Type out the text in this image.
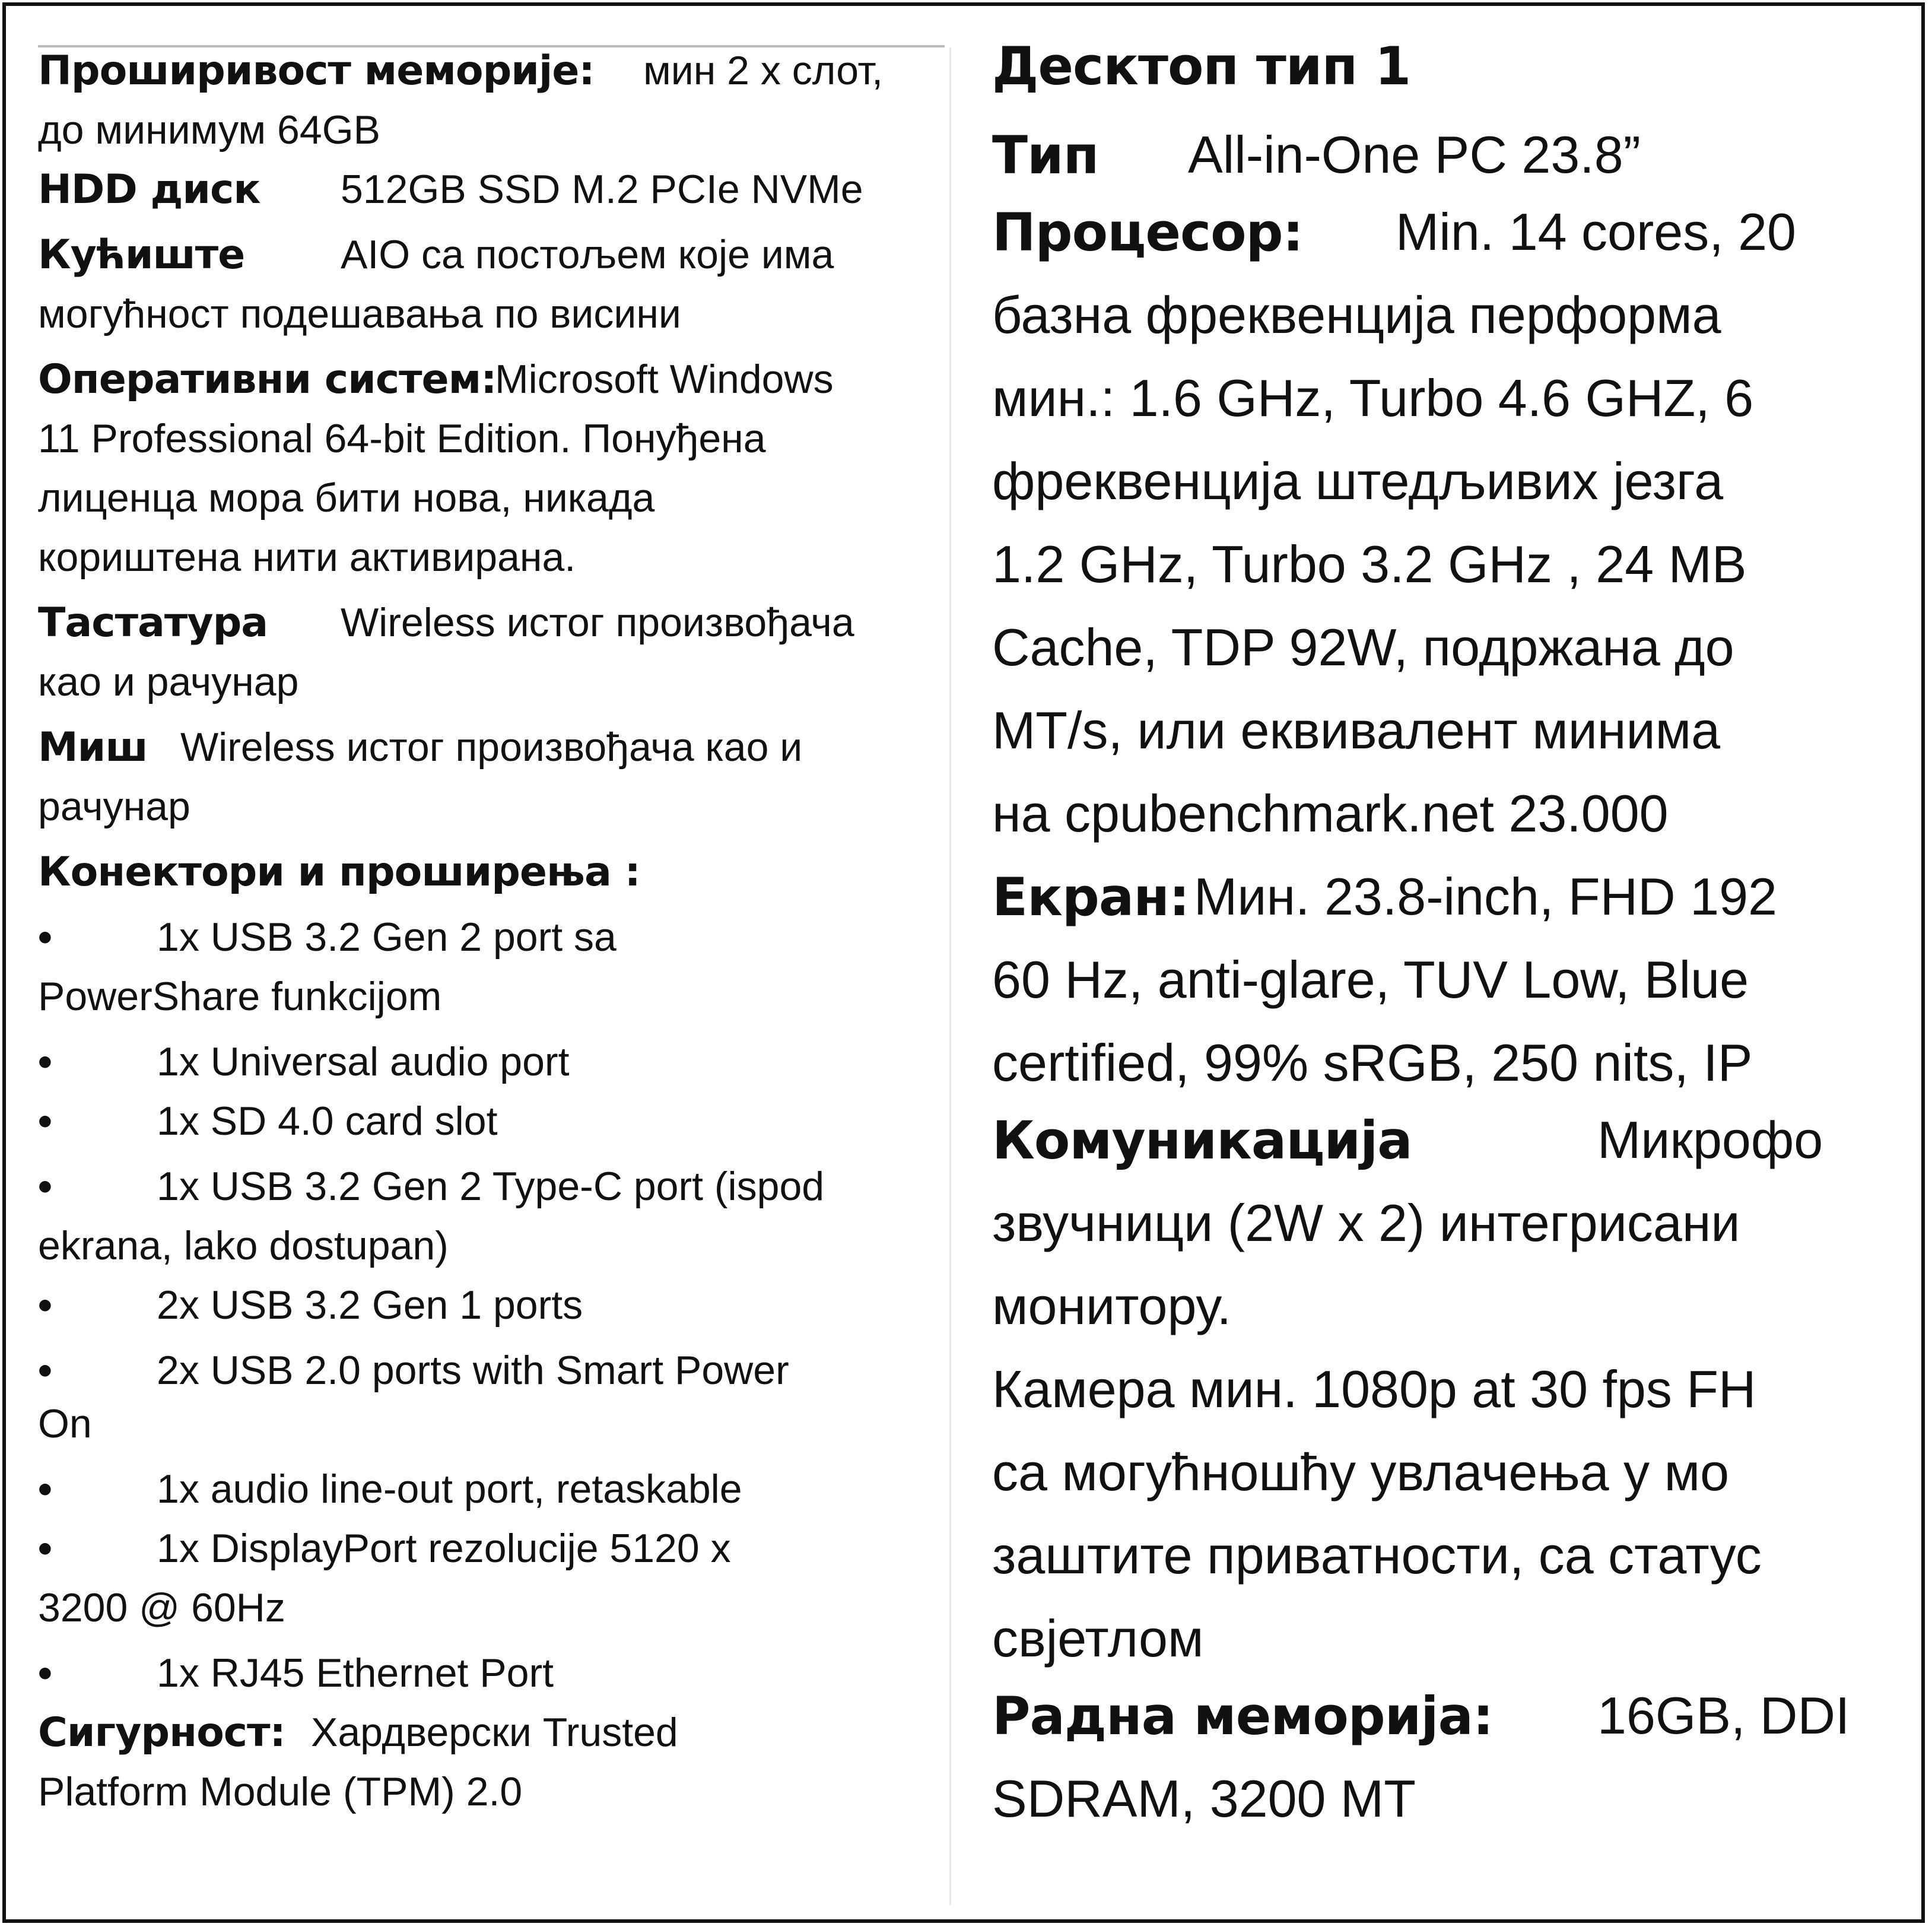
Проширивост меморије: мин 2 х слот,
до минимум 64GB
HDD диск 512GB SSD M.2 PCIe NVMe
Кућиште AIO са постољем које има
могућност подешавања по висини
Оперативни систем:
Microsoft Windows
11 Professional 64-bit Edition. Понуђена
лиценца мора бити нова, никада
кориштена нити активирана.
Тастатура Wireless истог произвођача
као и рачунар
Миш Wireless истог произвођача као и
рачунар
Конектори и проширења :
•	1x USB 3.2 Gen 2 port sa
PowerShare funkcijom
•	1x Universal audio port
•	1x SD 4.0 card slot
•	1x USB 3.2 Gen 2 Type-C port (ispod
ekrana, lako dostupan)
•	2x USB 3.2 Gen 1 ports
•	2x USB 2.0 ports with Smart Power
On
•	1x audio line-out port, retaskable
•	1x DisplayPort rezolucije 5120 x
3200 @ 60Hz
•	1x RJ45 Ethernet Port
Сигурност: Хардверски Trusted
Platform Module (TPM) 2.0
Десктоп тип 1
Тип All-in-One PC 23.8”
Процесор: Min. 14 cores, 20
базна фреквенција перформа
мин.: 1.6 GHz, Turbo 4.6 GHZ, 6
фреквенција штедљивих језга
1.2 GHz, Turbo 3.2 GHz , 24 MB
Cache, TDP 92W, подржана до
MT/s, или еквивалент минима
на cpubenchmark.net 23.000
Екран: Мин. 23.8-inch, FHD 192
60 Hz, anti-glare, TUV Low, Blue
certified, 99% sRGB, 250 nits, IP
Комуникација	Микрофо
звучници (2W x 2) интегрисани
монитору.
Камера мин. 1080p at 30 fps FH
са могућношћу увлачења у мо
заштите приватности, са статус
свјетлом
Радна меморија: 16GB, DDI
SDRAM, 3200 MT
